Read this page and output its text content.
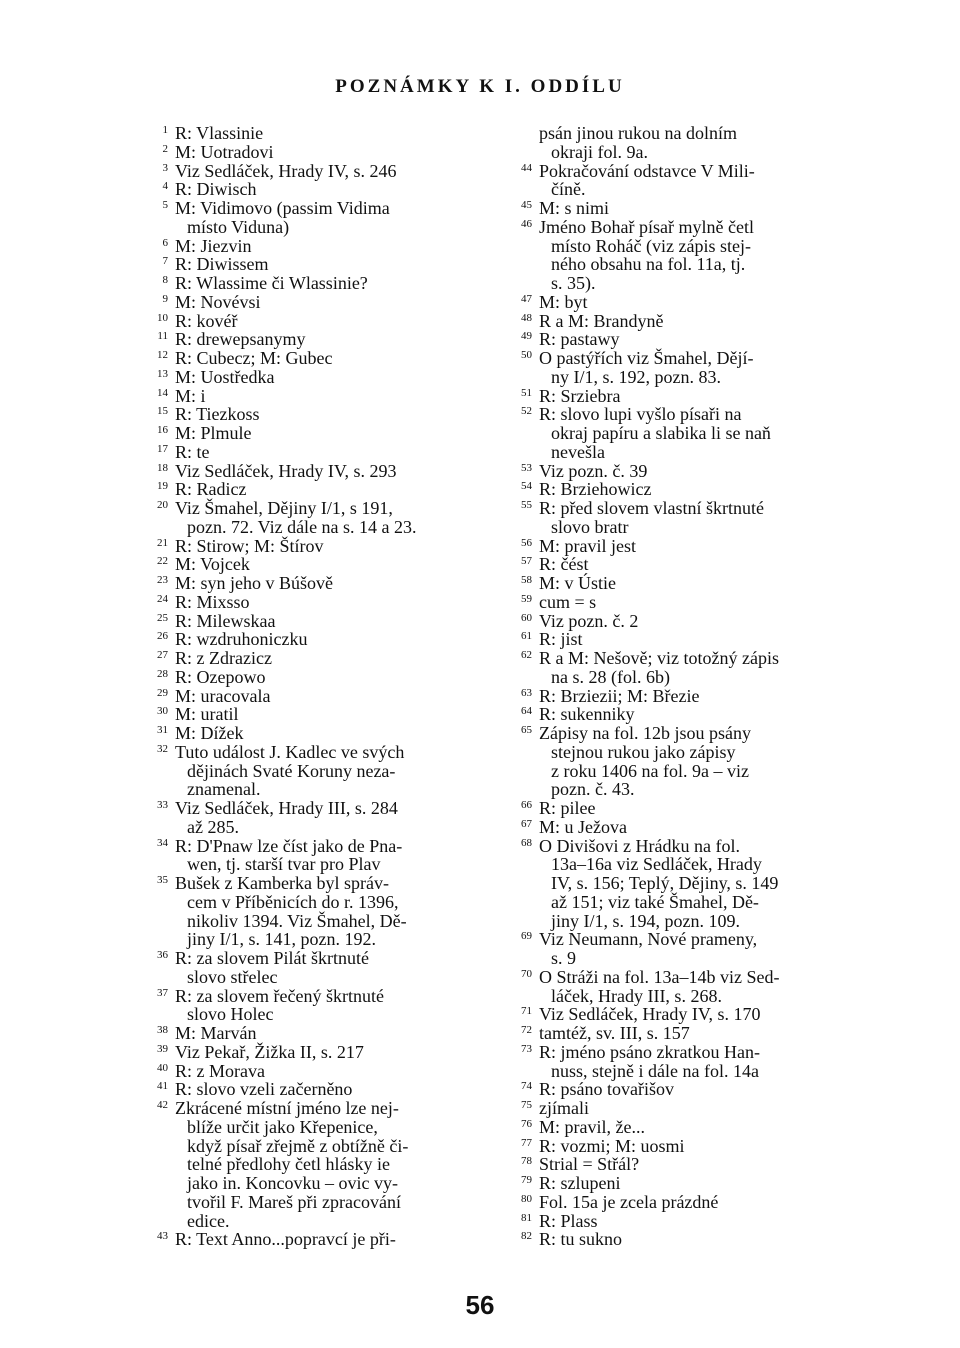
POZNÁMKY K I. ODDÍLU
1 R: Vlassinie
2 M: Uotradovi
3 Viz Sedláček, Hrady IV, s. 246
4 R: Diwisch
5 M: Vidimovo (passim Vidima
místo Viduna)
6 M: Jiezvin
7 R: Diwissem
8 R: Wlassime či Wlassinie?
9 M: Novévsi
10 R: kovéř
11 R: drewepsanymy
12 R: Cubecz; M: Gubec
13 M: Uostředka
14 M: i
15 R: Tiezkoss
16 M: Plmule
17 R: te
18 Viz Sedláček, Hrady IV, s. 293
19 R: Radicz
20 Viz Šmahel, Dějiny I/1, s 191,
pozn. 72. Viz dále na s. 14 a 23.
21 R: Stirow; M: Štírov
22 M: Vojcek
23 M: syn jeho v Búšově
24 R: Mixsso
25 R: Milewskaa
26 R: wzdruhoniczku
27 R: z Zdrazicz
28 R: Ozepowo
29 M: uracovala
30 M: uratil
31 M: Dížek
32 Tuto událost J. Kadlec ve svých
dějinách Svaté Koruny neza-
znamenal.
33 Viz Sedláček, Hrady III, s. 284
až 285.
34 R: D'Pnaw lze číst jako de Pna-
wen, tj. starší tvar pro Plav
35 Bušek z Kamberka byl správ-
cem v Příběnicích do r. 1396,
nikoliv 1394. Viz Šmahel, Dě-
jiny I/1, s. 141, pozn. 192.
36 R: za slovem Pilát škrtnuté
slovo střelec
37 R: za slovem řečený škrtnuté
slovo Holec
38 M: Marván
39 Viz Pekař, Žižka II, s. 217
40 R: z Morava
41 R: slovo vzeli začerněno
42 Zkrácené místní jméno lze nej-
blíže určit jako Křepenice,
když písař zřejmě z obtížně či-
telné předlohy četl hlásky ie
jako in. Koncovku – ovic vy-
tvořil F. Mareš při zpracování
edice.
43 R: Text Anno...popravcí je při-
psán jinou rukou na dolním
okraji fol. 9a.
44 Pokračování odstavce V Mili-
číně.
45 M: s nimi
46 Jméno Bohař písař mylně četl
místo Roháč (viz zápis stej-
ného obsahu na fol. 11a, tj.
s. 35).
47 M: byt
48 R a M: Brandyně
49 R: pastawy
50 O pastýřích viz Šmahel, Dějí-
ny I/1, s. 192, pozn. 83.
51 R: Srziebra
52 R: slovo lupi vyšlo písaři na
okraj papíru a slabika li se naň
nevešla
53 Viz pozn. č. 39
54 R: Brziehowicz
55 R: před slovem vlastní škrtnuté
slovo bratr
56 M: pravil jest
57 R: čést
58 M: v Ústie
59 cum = s
60 Viz pozn. č. 2
61 R: jist
62 R a M: Nešově; viz totožný zápis
na s. 28 (fol. 6b)
63 R: Brziezii; M: Březie
64 R: sukenniky
65 Zápisy na fol. 12b jsou psány
stejnou rukou jako zápisy
z roku 1406 na fol. 9a – viz
pozn. č. 43.
66 R: pilee
67 M: u Ježova
68 O Divišovi z Hrádku na fol.
13a–16a viz Sedláček, Hrady
IV, s. 156; Teplý, Dějiny, s. 149
až 151; viz také Šmahel, Dě-
jiny I/1, s. 194, pozn. 109.
69 Viz Neumann, Nové prameny,
s. 9
70 O Stráži na fol. 13a–14b viz Sed-
láček, Hrady III, s. 268.
71 Viz Sedláček, Hrady IV, s. 170
72 tamtéž, sv. III, s. 157
73 R: jméno psáno zkratkou Han-
nuss, stejně i dále na fol. 14a
74 R: psáno tovařišov
75 zjímali
76 M: pravil, že...
77 R: vozmi; M: uosmi
78 Strial = Střál?
79 R: szlupeni
80 Fol. 15a je zcela prázdné
81 R: Plass
82 R: tu sukno
56
